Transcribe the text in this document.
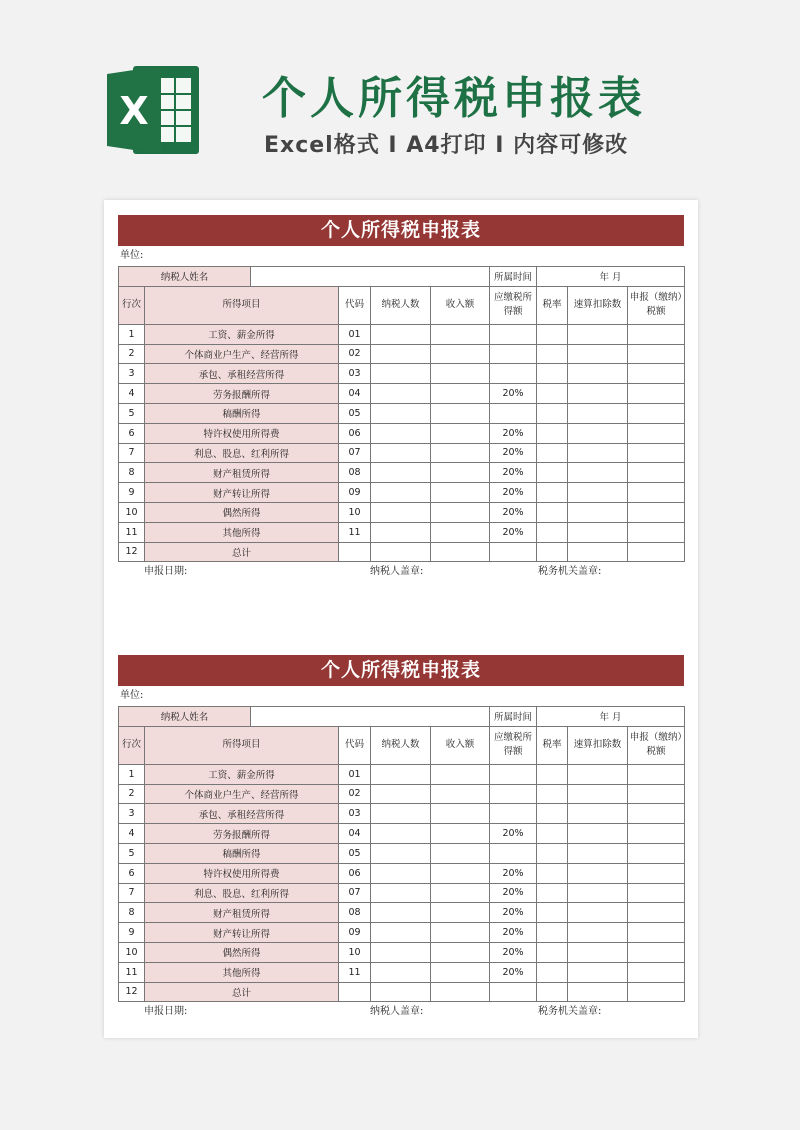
X	个人所得税申报表
Excel格式 I A4打印 I 内容可修改
个人所得税申报表
单位:
纳税人姓名						所属时间	年 月		
行次	所得项目		代码	纳税人数	收入额	应缴税所得额	税率	速算扣除数	申报（缴纳）税额
1	工资、薪金所得		01						
2	个体商业户生产、经营所得		02						
3	承包、承租经营所得		03						
4	劳务报酬所得		04			20%			
5	稿酬所得		05						
6	特许权使用所得费		06			20%			
7	利息、股息、红利所得		07			20%			
8	财产租赁所得		08			20%			
9	财产转让所得		09			20%			
10	偶然所得		10			20%			
11	其他所得		11			20%			
12	总计								
申报日期:	纳税人盖章:	税务机关盖章:
个人所得税申报表
单位:
纳税人姓名						所属时间	年 月		
行次	所得项目		代码	纳税人数	收入额	应缴税所得额	税率	速算扣除数	申报（缴纳）税额
1	工资、薪金所得		01						
2	个体商业户生产、经营所得		02						
3	承包、承租经营所得		03						
4	劳务报酬所得		04			20%			
5	稿酬所得		05						
6	特许权使用所得费		06			20%			
7	利息、股息、红利所得		07			20%			
8	财产租赁所得		08			20%			
9	财产转让所得		09			20%			
10	偶然所得		10			20%			
11	其他所得		11			20%			
12	总计								
申报日期:	纳税人盖章:	税务机关盖章:
